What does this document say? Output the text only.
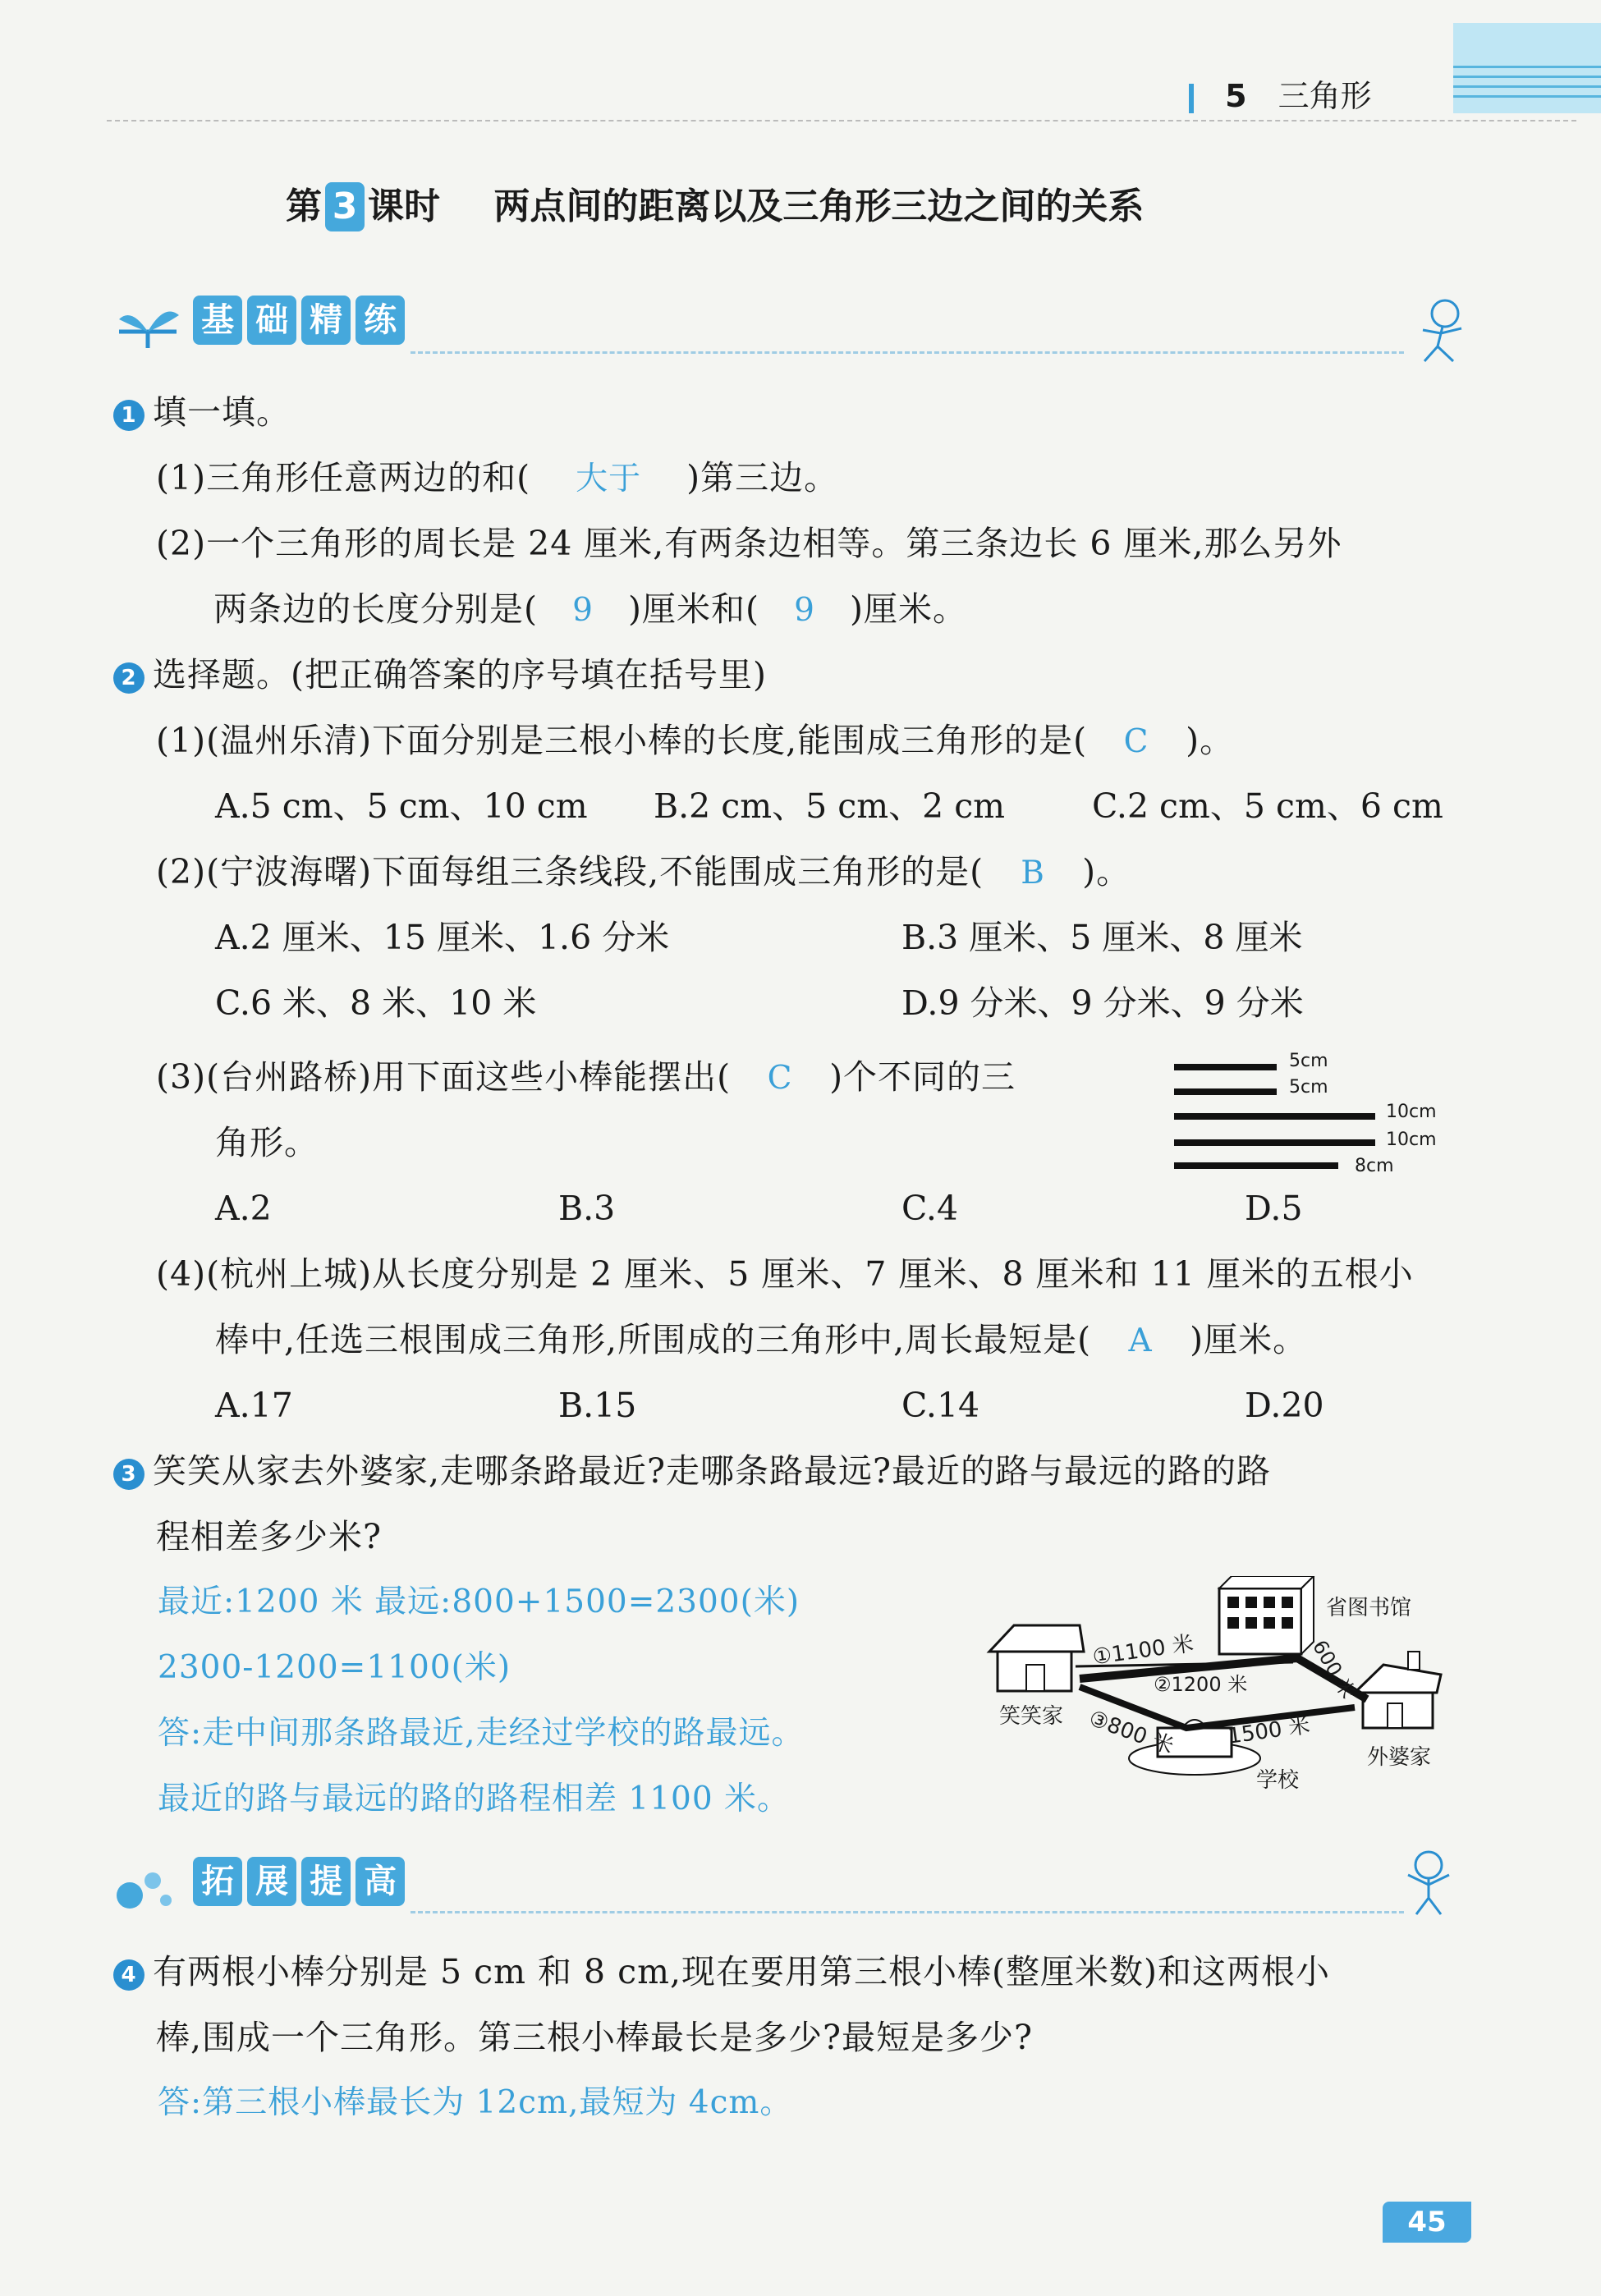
5 三角形
第 3 课时 两点间的距离以及三角形三边之间的关系
基 础 精 练
1 填一填。
(1)三角形任意两边的和( 大于 )第三边。
(2)一个三角形的周长是 24 厘米,有两条边相等。第三条边长 6 厘米,那么另外
两条边的长度分别是( 9 )厘米和( 9 )厘米。
2 选择题。(把正确答案的序号填在括号里)
(1)(温州乐清)下面分别是三根小棒的长度,能围成三角形的是( C )。
A.5 cm、5 cm、10 cm B.2 cm、5 cm、2 cm	C.2 cm、5 cm、6 cm
(2)(宁波海曙)下面每组三条线段,不能围成三角形的是( B )。
A.2 厘米、15 厘米、1.6 分米	B.3 厘米、5 厘米、8 厘米
C.6 米、8 米、10 米	D.9 分米、9 分米、9 分米
(3)(台州路桥)用下面这些小棒能摆出( C )个不同的三
角形。
5cm
5cm
10cm
10cm
8cm
A.2	B.3	C.4	D.5
(4)(杭州上城)从长度分别是 2 厘米、5 厘米、7 厘米、8 厘米和 11 厘米的五根小
棒中,任选三根围成三角形,所围成的三角形中,周长最短是( A )厘米。
A.17	B.15	C.14	D.20
3 笑笑从家去外婆家,走哪条路最近?走哪条路最远?最近的路与最远的路的路
程相差多少米?
最近:1200 米 最远:800+1500=2300(米)
2300-1200=1100(米)
答:走中间那条路最近,走经过学校的路最远。
最近的路与最远的路的路程相差 1100 米。
省图书馆
笑笑家
①1100 米
②1200 米	600 米
③800 米 1500 米
学校
外婆家
拓 展 提 高
4 有两根小棒分别是 5 cm 和 8 cm,现在要用第三根小棒(整厘米数)和这两根小
棒,围成一个三角形。第三根小棒最长是多少?最短是多少?
答:第三根小棒最长为 12cm,最短为 4cm。
45
